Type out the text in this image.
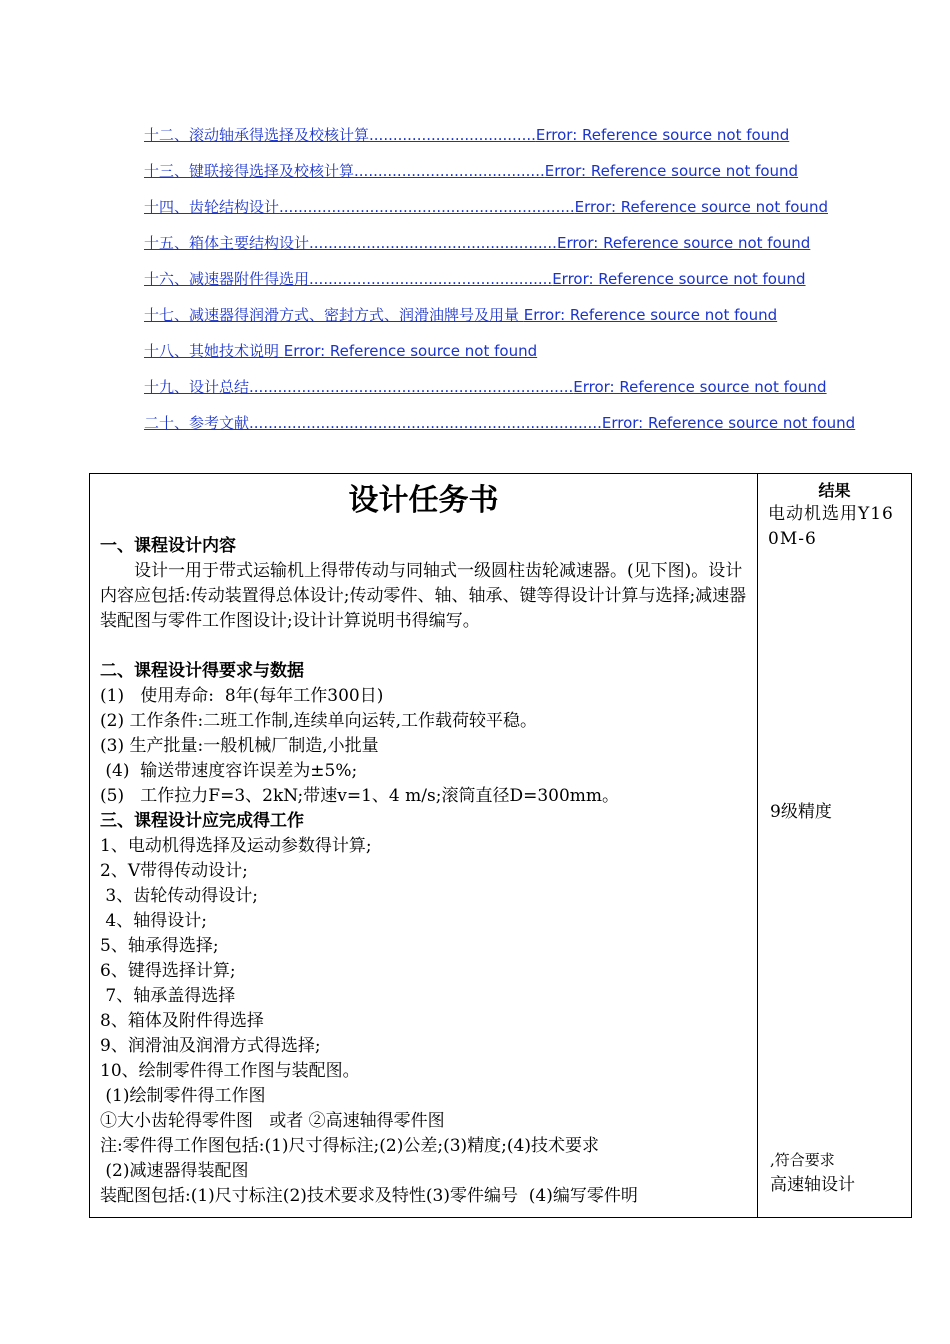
十二、滚动轴承得选择及校核计算...................................Error: Reference source not found
十三、键联接得选择及校核计算........................................Error: Reference source not found
十四、齿轮结构设计..............................................................Error: Reference source not found
十五、箱体主要结构设计....................................................Error: Reference source not found
十六、减速器附件得选用...................................................Error: Reference source not found
十七、减速器得润滑方式、密封方式、润滑油牌号及用量 Error: Reference source not found
十八、其她技术说明 Error: Reference source not found
十九、设计总结....................................................................Error: Reference source not found
二十、参考文献..........................................................................Error: Reference source not found
设计任务书
一、课程设计内容
设计一用于带式运输机上得带传动与同轴式一级圆柱齿轮减速器。(见下图)。设计内容应包括:传动装置得总体设计;传动零件、轴、轴承、键等得设计计算与选择;减速器装配图与零件工作图设计;设计计算说明书得编写。
二、课程设计得要求与数据
(1)   使用寿命:  8年(每年工作300日)
(2) 工作条件:二班工作制,连续单向运转,工作载荷较平稳。
(3) 生产批量:一般机械厂制造,小批量
(4)  输送带速度容许误差为±5%;
(5)   工作拉力F=3、2kN;带速v=1、4 m/s;滚筒直径D=300mm。
三、课程设计应完成得工作
1、电动机得选择及运动参数得计算;
2、V带得传动设计;
3、齿轮传动得设计;
4、轴得设计;
5、轴承得选择;
6、键得选择计算;
7、轴承盖得选择
8、箱体及附件得选择
9、润滑油及润滑方式得选择;
10、绘制零件得工作图与装配图。
(1)绘制零件得工作图
①大小齿轮得零件图   或者 ②高速轴得零件图
注:零件得工作图包括:(1)尺寸得标注;(2)公差;(3)精度;(4)技术要求
(2)减速器得装配图
装配图包括:(1)尺寸标注(2)技术要求及特性(3)零件编号  (4)编写零件明
结果
电动机选用Y16 0M-6
9级精度
,符合要求
高速轴设计
